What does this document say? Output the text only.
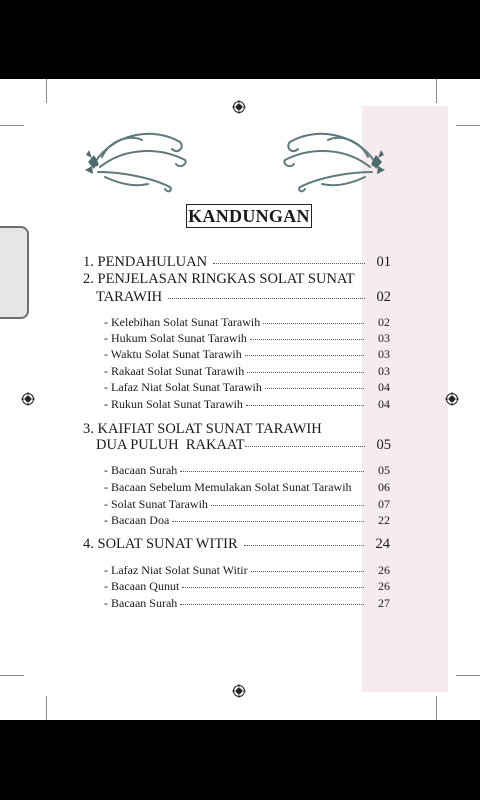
KANDUNGAN
1. PENDAHULUAN	01
2. PENJELASAN RINGKAS SOLAT SUNAT
TARAWIH	02
- Kelebihan Solat Sunat Tarawih	02
- Hukum Solat Sunat Tarawih	03
- Waktu Solat Sunat Tarawih	03
- Rakaat Solat Sunat Tarawih	03
- Lafaz Niat Solat Sunat Tarawih	04
- Rukun Solat Sunat Tarawih	04
3. KAIFIAT SOLAT SUNAT TARAWIH
DUA PULUH  RAKAAT	05
- Bacaan Surah	05
- Bacaan Sebelum Memulakan Solat Sunat Tarawih 06
- Solat Sunat Tarawih	07
- Bacaan Doa	22
4. SOLAT SUNAT WITIR	24
- Lafaz Niat Solat Sunat Witir	26
- Bacaan Qunut	26
- Bacaan Surah	27
